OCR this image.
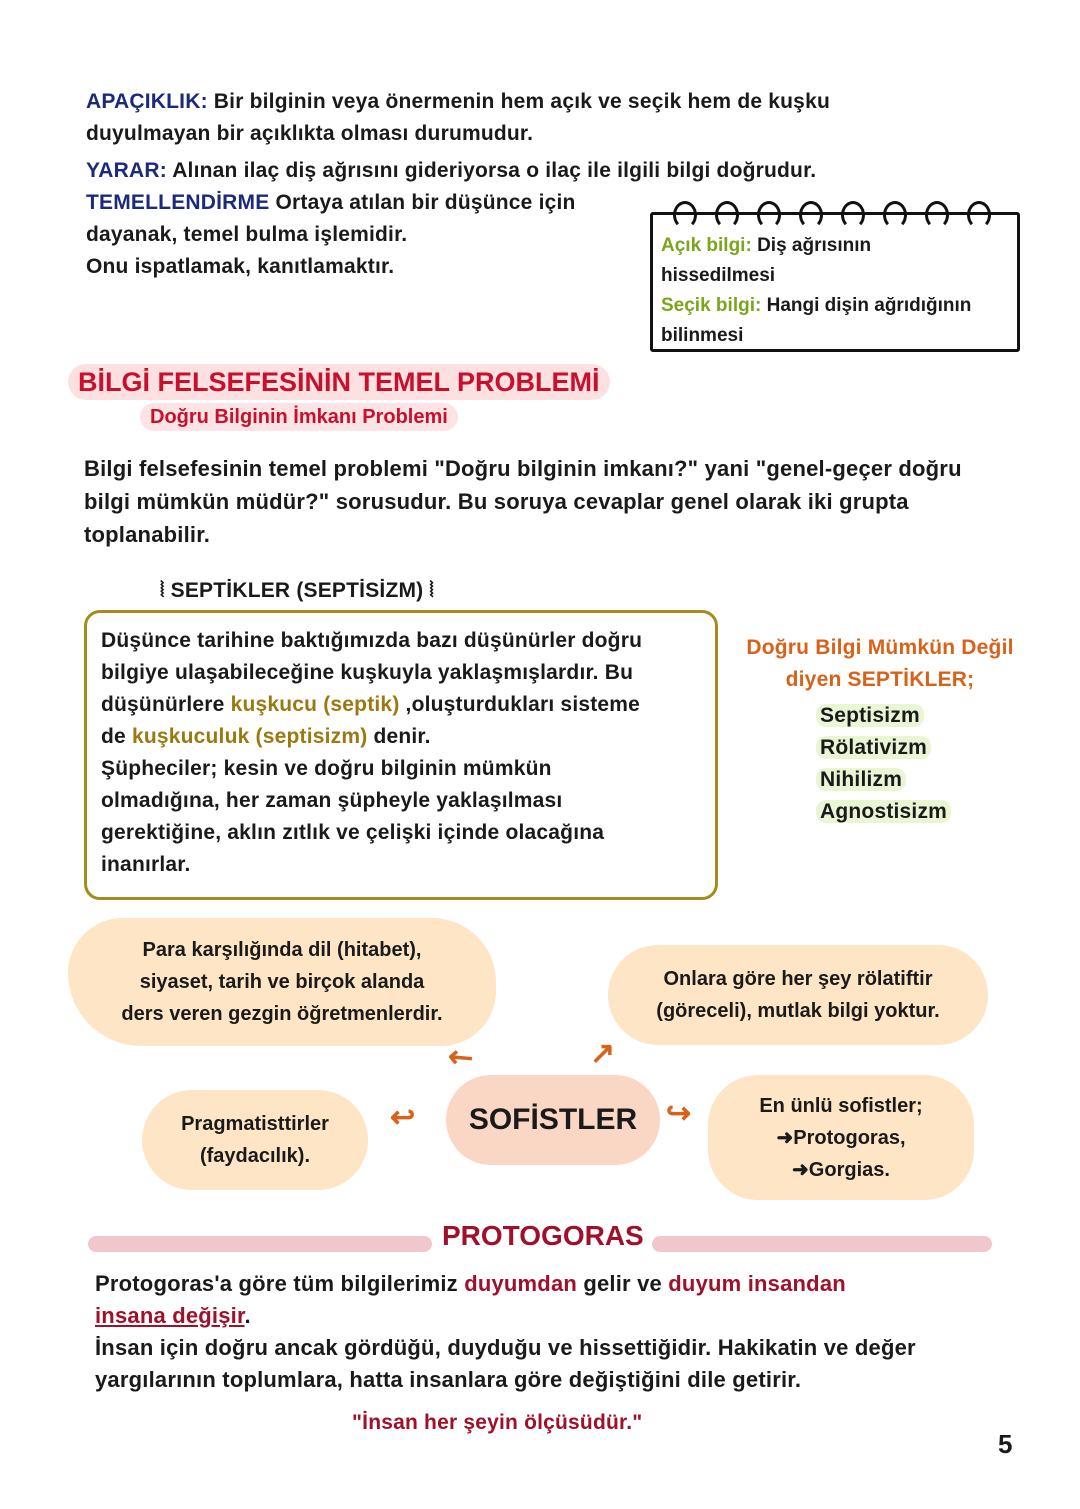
APAÇIKLIK: Bir bilginin veya önermenin hem açık ve seçik hem de kuşku
duyulmayan bir açıklıkta olması durumudur.
YARAR: Alınan ilaç diş ağrısını gideriyorsa o ilaç ile ilgili bilgi doğrudur.
TEMELLENDİRME Ortaya atılan bir düşünce için
dayanak, temel bulma işlemidir.
Onu ispatlamak, kanıtlamaktır.
Açık bilgi: Diş ağrısının
hissedilmesi
Seçik bilgi: Hangi dişin ağrıdığının
bilinmesi
BİLGİ FELSEFESİNİN TEMEL PROBLEMİ
Doğru Bilginin İmkanı Problemi
Bilgi felsefesinin temel problemi "Doğru bilginin imkanı?" yani "genel-geçer doğru
bilgi mümkün müdür?" sorusudur. Bu soruya cevaplar genel olarak iki grupta
toplanabilir.
⦚ SEPTİKLER (SEPTİSİZM) ⦚
Düşünce tarihine baktığımızda bazı düşünürler doğru
bilgiye ulaşabileceğine kuşkuyla yaklaşmışlardır. Bu
düşünürlere kuşkucu (septik) ,oluşturdukları sisteme
de kuşkuculuk (septisizm) denir.
Şüpheciler; kesin ve doğru bilginin mümkün
olmadığına, her zaman şüpheyle yaklaşılması
gerektiğine, aklın zıtlık ve çelişki içinde olacağına
inanırlar.
Doğru Bilgi Mümkün Değil
diyen SEPTİKLER;
Septisizm
Rölativizm
Nihilizm
Agnostisizm
Para karşılığında dil (hitabet),
siyaset, tarih ve birçok alanda
ders veren gezgin öğretmenlerdir.
Onlara göre her şey rölatiftir
(göreceli), mutlak bilgi yoktur.
Pragmatisttirler
(faydacılık).
SOFİSTLER	En ünlü sofistler;
➜Protogoras,
➜Gorgias.
↖	↗
↩	↪
PROTOGORAS
Protogoras'a göre tüm bilgilerimiz duyumdan gelir ve duyum insandan
insana değişir.
İnsan için doğru ancak gördüğü, duyduğu ve hissettiğidir. Hakikatin ve değer
yargılarının toplumlara, hatta insanlara göre değiştiğini dile getirir.
"İnsan her şeyin ölçüsüdür."
5
